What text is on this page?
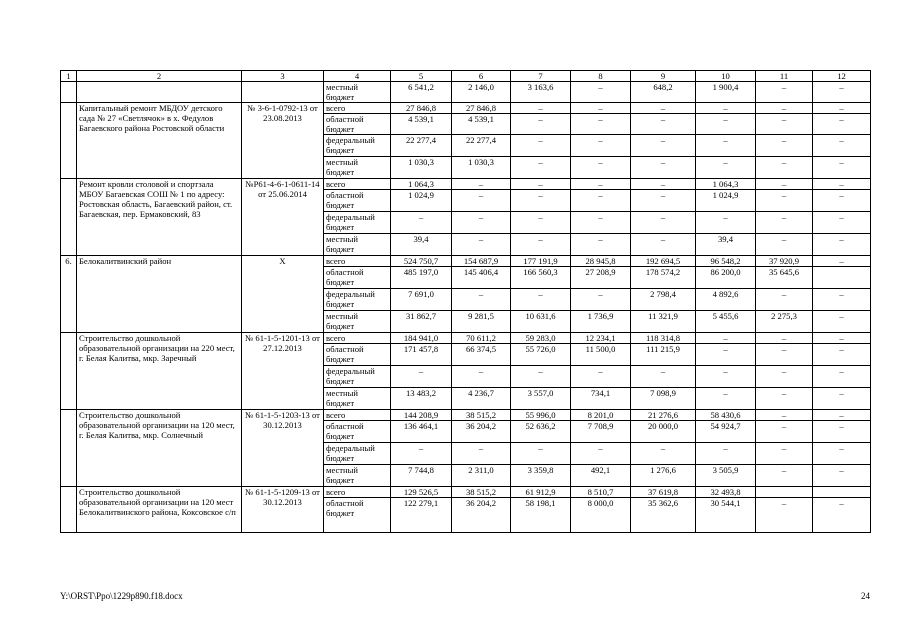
1	2	3	4	5	6	7	8	9	10	11	12
			местный бюджет	6 541,2	2 146,0	3 163,6	–	648,2	1 900,4	–	–
	Капитальный ремонт МБДОУ детского сада № 27 «Светлячок» в х. Федулов Багаевского района Ростовской области	№ 3-6-1-0792-13 от 23.08.2013	всего	27 846,8	27 846,8	–	–	–	–	–	–
			областной бюджет	4 539,1	4 539,1	–	–	–	–	–	–
			федеральный бюджет	22 277,4	22 277,4	–	–	–	–	–	–
			местный бюджет	1 030,3	1 030,3	–	–	–	–	–	–
	Ремонт кровли столовой и спортзала МБОУ Багаевская СОШ № 1 по адресу: Ростовская область, Багаевский район, ст. Багаевская, пер. Ермаковский, 83	№Р61-4-6-1-0611-14 от 25.06.2014	всего	1 064,3	–	–	–	–	1 064,3	–	–
			областной бюджет	1 024,9	–	–	–	–	1 024,9	–	–
			федеральный бюджет	–	–	–	–	–	–	–	–
			местный бюджет	39,4	–	–	–	–	39,4	–	–
6.	Белокалитвинский район	Х	всего	524 750,7	154 687,9	177 191,9	28 945,8	192 694,5	96 548,2	37 920,9	–
			областной бюджет	485 197,0	145 406,4	166 560,3	27 208,9	178 574,2	86 200,0	35 645,6	
			федеральный бюджет	7 691,0	–	–	–	2 798,4	4 892,6	–	–
			местный бюджет	31 862,7	9 281,5	10 631,6	1 736,9	11 321,9	5 455,6	2 275,3	–
	Строительство дошкольной образовательной организации на 220 мест, г. Белая Калитва, мкр. Заречный	№ 61-1-5-1201-13 от 27.12.2013	всего	184 941,0	70 611,2	59 283,0	12 234,1	118 314,8	–	–	–
			областной бюджет	171 457,8	66 374,5	55 726,0	11 500,0	111 215,9	–	–	–
			федеральный бюджет	–	–	–	–	–	–	–	–
			местный бюджет	13 483,2	4 236,7	3 557,0	734,1	7 098,9	–	–	–
	Строительство дошкольной образовательной организации на 120 мест, г. Белая Калитва, мкр. Солнечный	№ 61-1-5-1203-13 от 30.12.2013	всего	144 208,9	38 515,2	55 996,0	8 201,0	21 276,6	58 430,6	–	–
			областной бюджет	136 464,1	36 204,2	52 636,2	7 708,9	20 000,0	54 924,7	–	–
			федеральный бюджет	–	–	–	–	–	–	–	–
			местный бюджет	7 744,8	2 311,0	3 359,8	492,1	1 276,6	3 505,9	–	–
	Строительство дошкольной образовательной организации на 120 мест Белокалитвинского района, Коксовское с/п	№ 61-1-5-1209-13 от 30.12.2013	всего	129 526,5	38 515,2	61 912,9	8 510,7	37 619,8	32 493,8		
			областной бюджет	122 279,1	36 204,2	58 198,1	8 000,0	35 362,6	30 544,1	–	–
Y:\ORST\Ppo\1229p890.f18.docx	24
